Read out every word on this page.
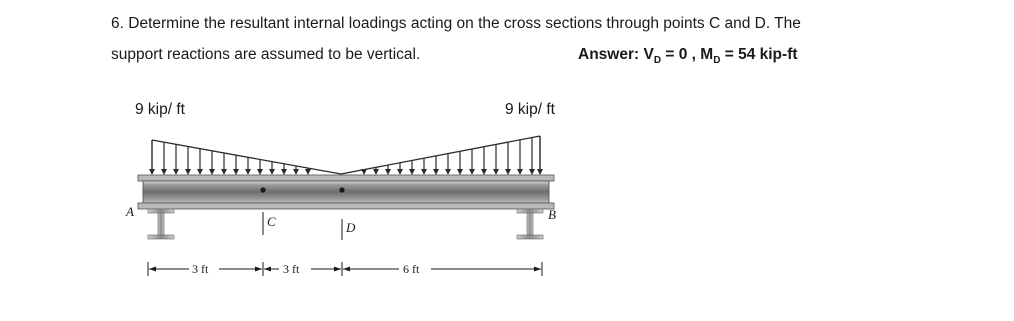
6. Determine the resultant internal loadings acting on the cross sections through points C and D. The
support reactions are assumed to be vertical.	Answer: $V_D = 0$ , $M_D = 54$ kip-ft
9 kip/ ft	9 kip/ ft
A	B
C	D
3 ft	3 ft	6 ft
